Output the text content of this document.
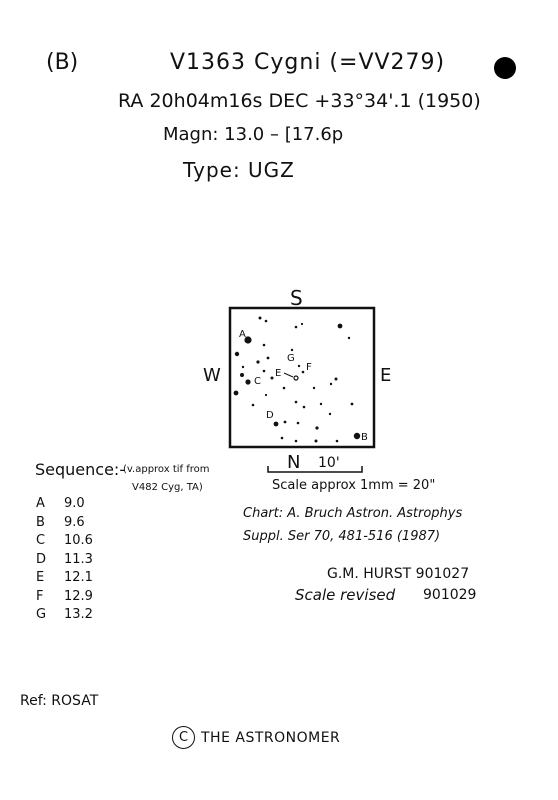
(B)	V1363 Cygni (=VV279)
RA 20h04m16s DEC +33°34'.1 (1950)
Magn: 13.0 – [17.6p
Type: UGZ
A
B
C
D
E
F
G
S
W	E
N 10'
Scale approx 1mm = 20"
Sequence:-
(v.approx tif from
V482 Cyg, TA)
A 9.0
B 9.6
C 10.6
D 11.3
E 12.1
F 12.9
G 13.2
Chart: A. Bruch Astron. Astrophys
Suppl. Ser 70, 481-516 (1987)
G.M. HURST 901027
Scale revised 901029
Ref: ROSAT
C THE ASTRONOMER
